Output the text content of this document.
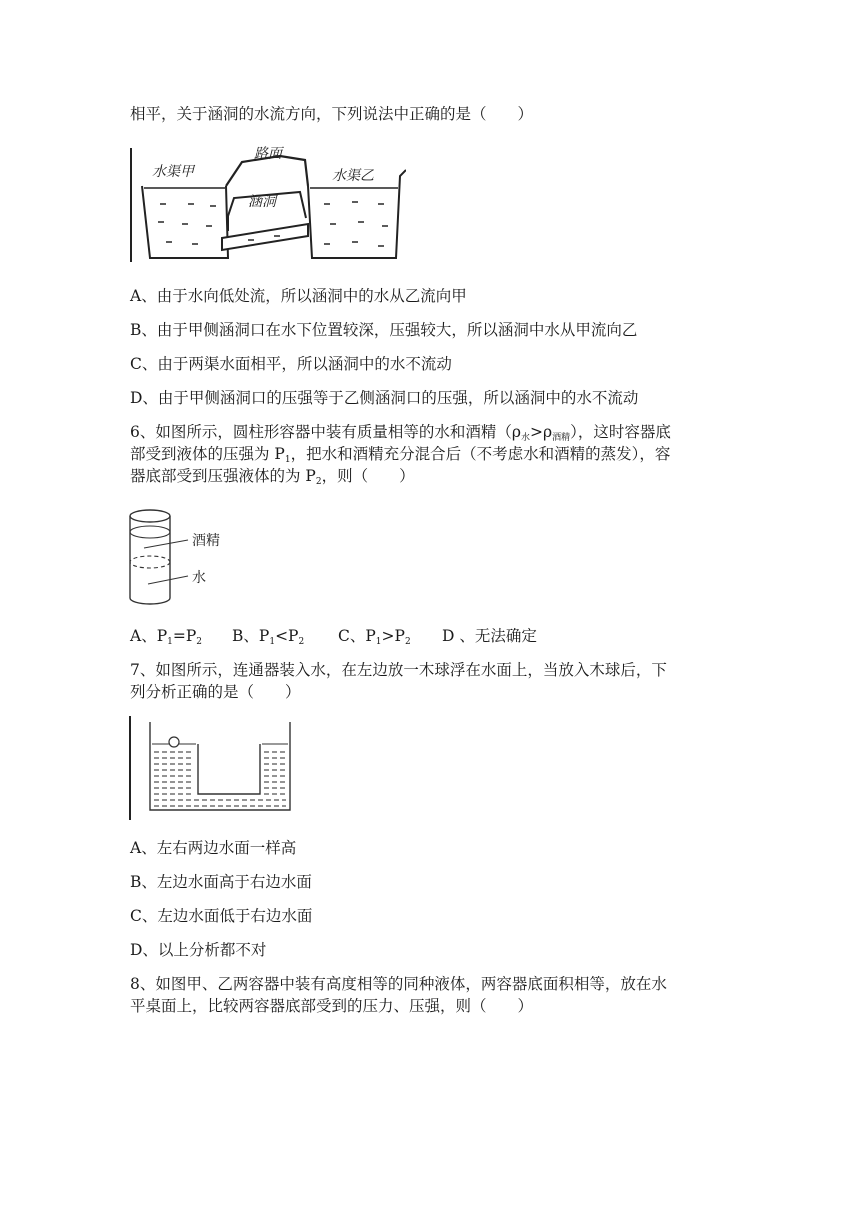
相平，关于涵洞的水流方向，下列说法中正确的是（　　）
水渠甲
路面
涵洞
水渠乙
A、由于水向低处流，所以涵洞中的水从乙流向甲
B、由于甲侧涵洞口在水下位置较深，压强较大，所以涵洞中水从甲流向乙
C、由于两渠水面相平，所以涵洞中的水不流动
D、由于甲侧涵洞口的压强等于乙侧涵洞口的压强，所以涵洞中的水不流动
6、如图所示，圆柱形容器中装有质量相等的水和酒精$(\rho_水>\rho_{酒精})$，这时容器底
部受到液体的压强为 $P_1$，把水和酒精充分混合后（不考虑水和酒精的蒸发），容
器底部受到压强液体的为 $P_2$，则（　　）
酒精
水
A、$P_1=P_2$ B、$P_1<P_2$ C、$P_1>P_2$ D 、无法确定
7、如图所示，连通器装入水，在左边放一木球浮在水面上，当放入木球后，下
列分析正确的是（　　）
A、左右两边水面一样高
B、左边水面高于右边水面
C、左边水面低于右边水面
D、以上分析都不对
8、如图甲、乙两容器中装有高度相等的同种液体，两容器底面积相等，放在水
平桌面上，比较两容器底部受到的压力、压强，则（　　）
